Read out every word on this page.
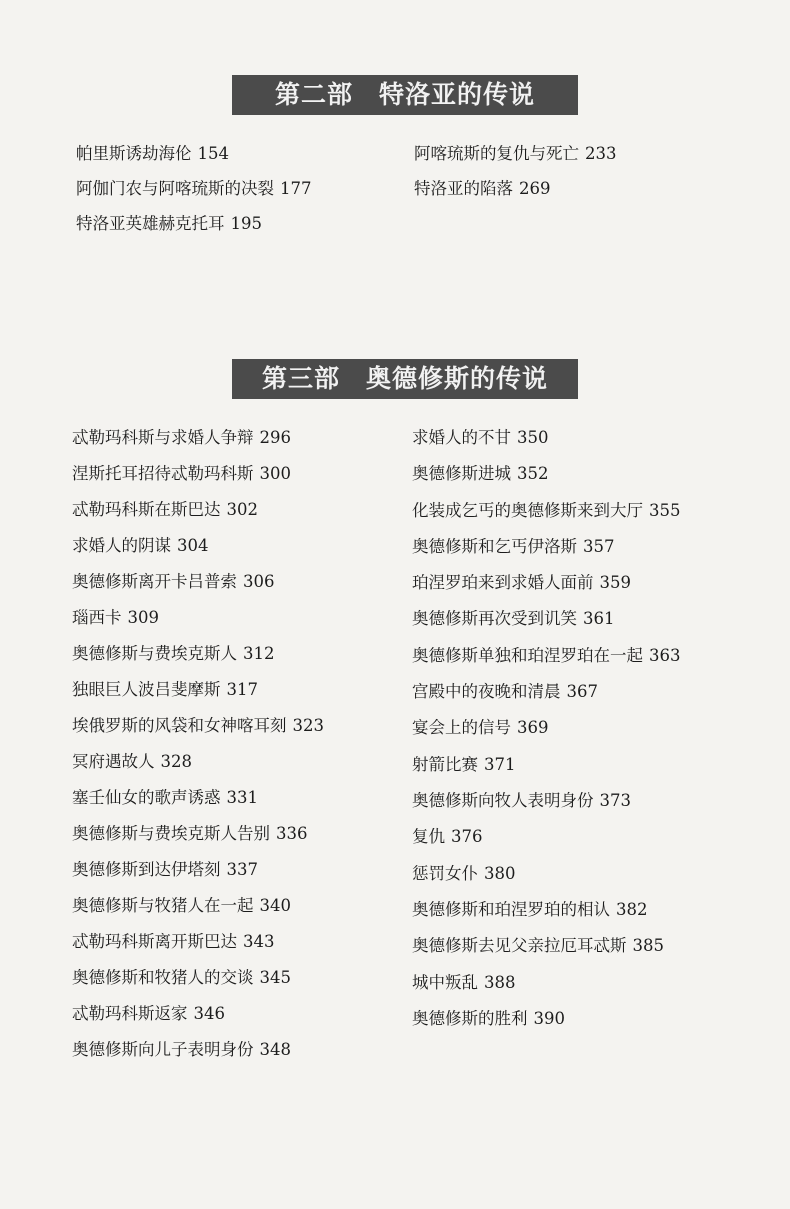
第二部 特洛亚的传说
帕里斯诱劫海伦 154
阿伽门农与阿喀琉斯的决裂 177
特洛亚英雄赫克托耳 195
阿喀琉斯的复仇与死亡 233
特洛亚的陷落 269
第三部 奥德修斯的传说
忒勒玛科斯与求婚人争辩 296
涅斯托耳招待忒勒玛科斯 300
忒勒玛科斯在斯巴达 302
求婚人的阴谋 304
奥德修斯离开卡吕普索 306
瑙西卡 309
奥德修斯与费埃克斯人 312
独眼巨人波吕斐摩斯 317
埃俄罗斯的风袋和女神喀耳刻 323
冥府遇故人 328
塞壬仙女的歌声诱惑 331
奥德修斯与费埃克斯人告别 336
奥德修斯到达伊塔刻 337
奥德修斯与牧猪人在一起 340
忒勒玛科斯离开斯巴达 343
奥德修斯和牧猪人的交谈 345
忒勒玛科斯返家 346
奥德修斯向儿子表明身份 348
求婚人的不甘 350
奥德修斯进城 352
化装成乞丐的奥德修斯来到大厅 355
奥德修斯和乞丐伊洛斯 357
珀涅罗珀来到求婚人面前 359
奥德修斯再次受到讥笑 361
奥德修斯单独和珀涅罗珀在一起 363
宫殿中的夜晚和清晨 367
宴会上的信号 369
射箭比赛 371
奥德修斯向牧人表明身份 373
复仇 376
惩罚女仆 380
奥德修斯和珀涅罗珀的相认 382
奥德修斯去见父亲拉厄耳忒斯 385
城中叛乱 388
奥德修斯的胜利 390
